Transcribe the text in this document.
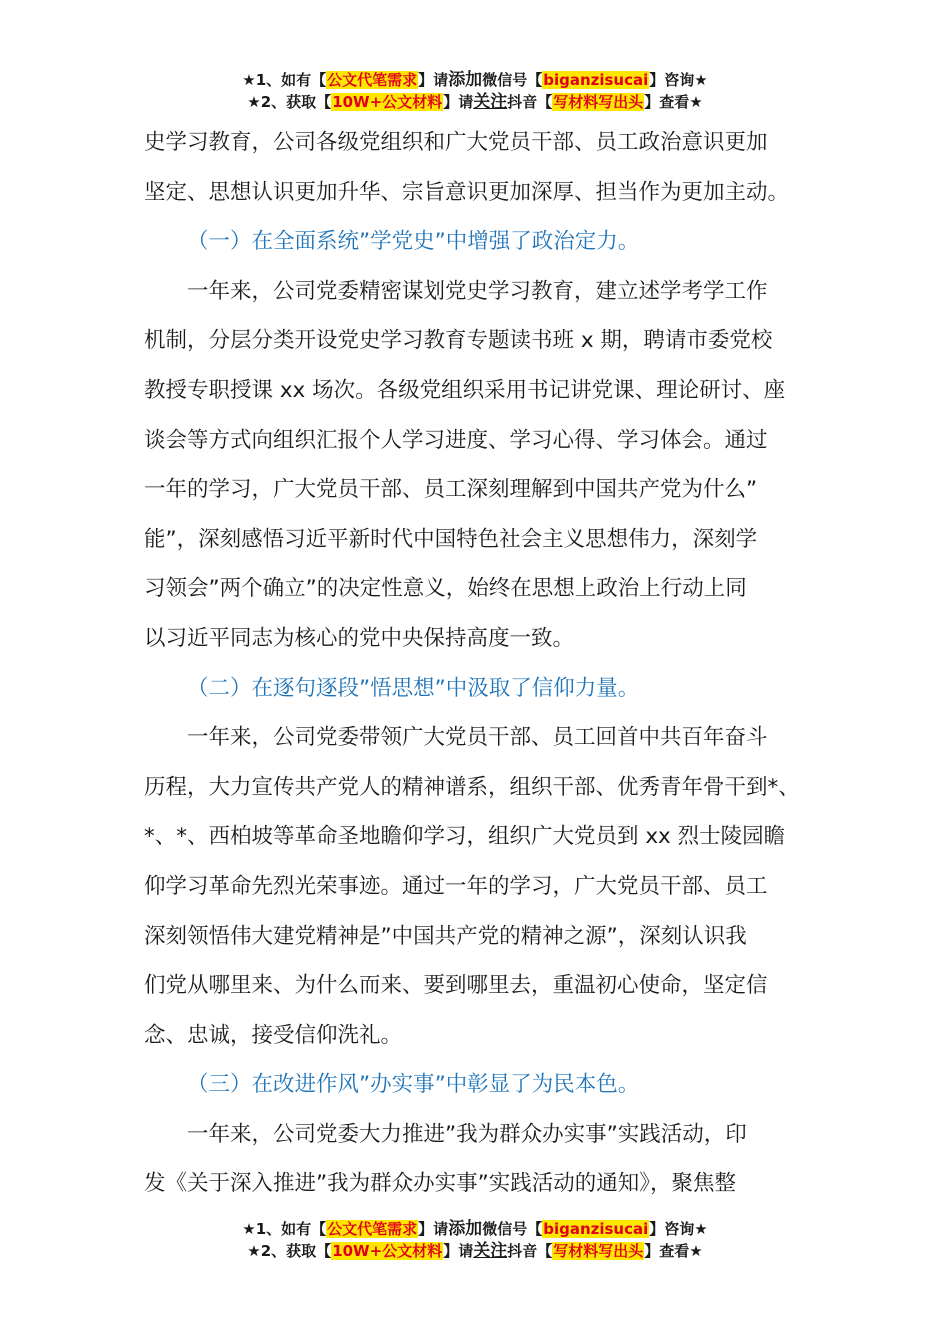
★1、如有【公文代笔需求】请添加微信号【biganzisucai】咨询★
★2、获取【10W+公文材料】请关注抖音【写材料写出头】查看★

史学习教育，公司各级党组织和广大党员干部、员工政治意识更加

坚定、思想认识更加升华、宗旨意识更加深厚、担当作为更加主动。

（一）在全面系统”学党史”中增强了政治定力。

一年来，公司党委精密谋划党史学习教育，建立述学考学工作

机制，分层分类开设党史学习教育专题读书班 x 期，聘请市委党校

教授专职授课 xx 场次。各级党组织采用书记讲党课、理论研讨、座

谈会等方式向组织汇报个人学习进度、学习心得、学习体会。通过

一年的学习，广大党员干部、员工深刻理解到中国共产党为什么”

能”，深刻感悟习近平新时代中国特色社会主义思想伟力，深刻学

习领会”两个确立”的决定性意义，始终在思想上政治上行动上同

以习近平同志为核心的党中央保持高度一致。

（二）在逐句逐段”悟思想”中汲取了信仰力量。

一年来，公司党委带领广大党员干部、员工回首中共百年奋斗

历程，大力宣传共产党人的精神谱系，组织干部、优秀青年骨干到*、

*、*、西柏坡等革命圣地瞻仰学习，组织广大党员到 xx 烈士陵园瞻

仰学习革命先烈光荣事迹。通过一年的学习，广大党员干部、员工

深刻领悟伟大建党精神是”中国共产党的精神之源”，深刻认识我

们党从哪里来、为什么而来、要到哪里去，重温初心使命，坚定信

念、忠诚，接受信仰洗礼。

（三）在改进作风”办实事”中彰显了为民本色。

一年来，公司党委大力推进”我为群众办实事”实践活动，印

发《关于深入推进”我为群众办实事”实践活动的通知》，聚焦整

★1、如有【公文代笔需求】请添加微信号【biganzisucai】咨询★
★2、获取【10W+公文材料】请关注抖音【写材料写出头】查看★
